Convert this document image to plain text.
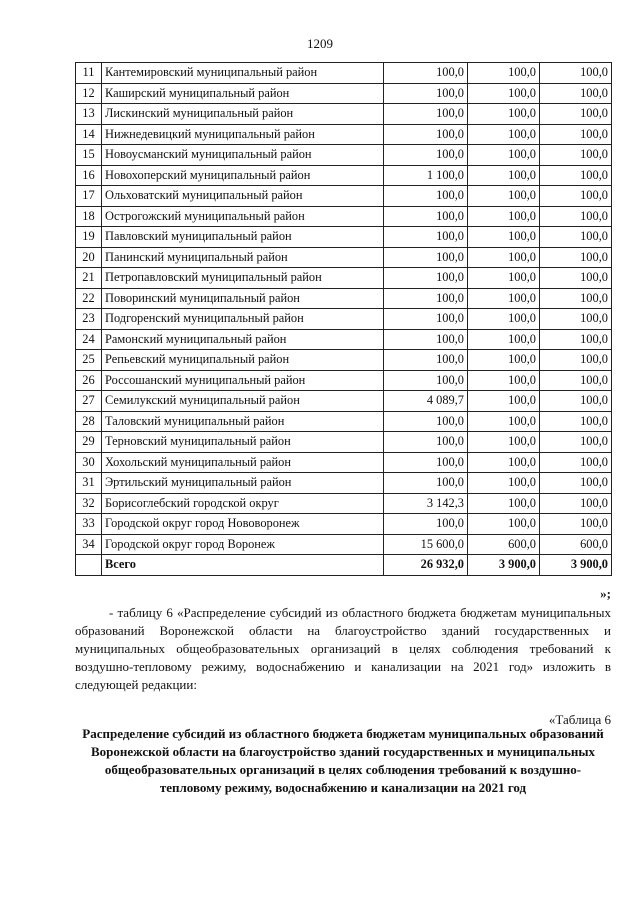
1209
11	Кантемировский муниципальный район	100,0	100,0	100,0
12	Каширский муниципальный район	100,0	100,0	100,0
13	Лискинский муниципальный район	100,0	100,0	100,0
14	Нижнедевицкий муниципальный район	100,0	100,0	100,0
15	Новоусманский муниципальный район	100,0	100,0	100,0
16	Новохоперский муниципальный район	1 100,0	100,0	100,0
17	Ольховатский муниципальный район	100,0	100,0	100,0
18	Острогожский муниципальный район	100,0	100,0	100,0
19	Павловский муниципальный район	100,0	100,0	100,0
20	Панинский муниципальный район	100,0	100,0	100,0
21	Петропавловский муниципальный район	100,0	100,0	100,0
22	Поворинский муниципальный район	100,0	100,0	100,0
23	Подгоренский муниципальный район	100,0	100,0	100,0
24	Рамонский муниципальный район	100,0	100,0	100,0
25	Репьевский муниципальный район	100,0	100,0	100,0
26	Россошанский муниципальный район	100,0	100,0	100,0
27	Семилукский муниципальный район	4 089,7	100,0	100,0
28	Таловский муниципальный район	100,0	100,0	100,0
29	Терновский муниципальный район	100,0	100,0	100,0
30	Хохольский муниципальный район	100,0	100,0	100,0
31	Эртильский муниципальный район	100,0	100,0	100,0
32	Борисоглебский городской округ	3 142,3	100,0	100,0
33	Городской округ город Нововоронеж	100,0	100,0	100,0
34	Городской округ город Воронеж	15 600,0	600,0	600,0
	Всего	26 932,0	3 900,0	3 900,0
»;
- таблицу 6 «Распределение субсидий из областного бюджета бюджетам муниципальных образований Воронежской области на благоустройство зданий государственных и муниципальных общеобразовательных организаций в целях соблюдения требований к воздушно-тепловому режиму, водоснабжению и канализации на 2021 год» изложить в следующей редакции:
«Таблица 6
Распределение субсидий из областного бюджета бюджетам муниципальных образований Воронежской области на благоустройство зданий государственных и муниципальных общеобразовательных организаций в целях соблюдения требований к воздушно-тепловому режиму, водоснабжению и канализации на 2021 год
